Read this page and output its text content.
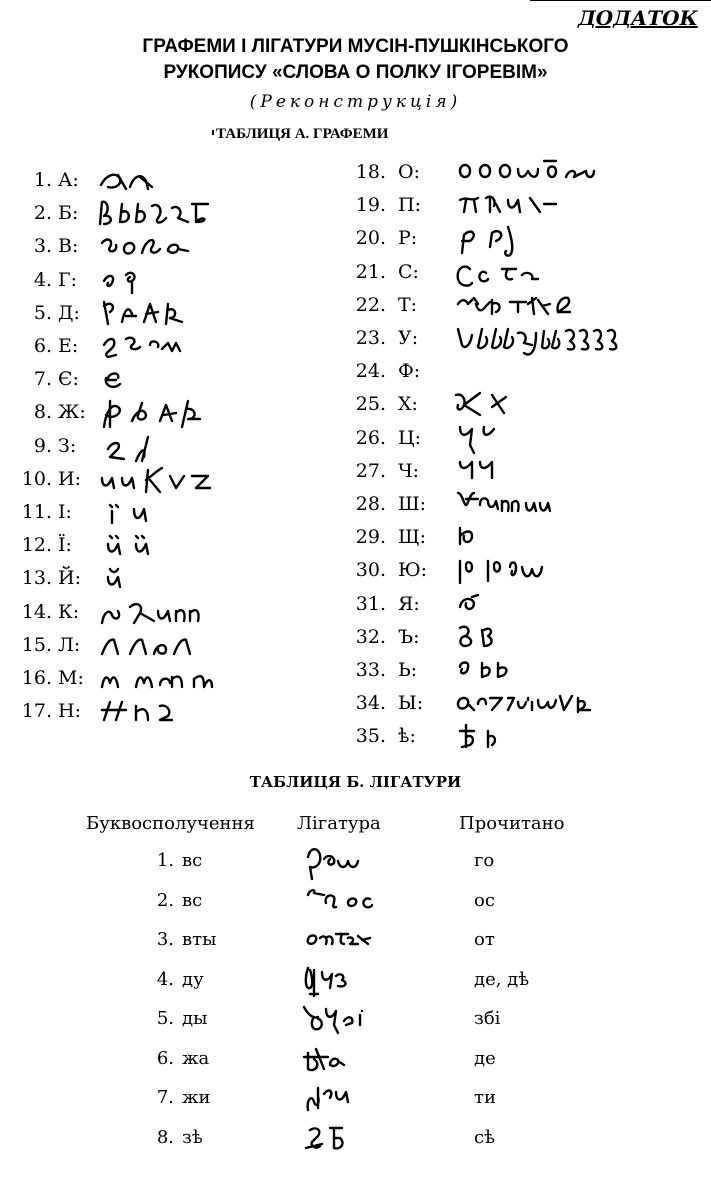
ДОДАТОК
ГРАФЕМИ І ЛІГАТУРИ МУСІН-ПУШКІНСЬКОГО
РУКОПИСУ «СЛОВА О ПОЛКУ ІГОРЕВІМ»
(Реконструкція)
ТАБЛИЦЯ А. ГРАФЕМИ
1. А:
2. Б:
3. В:
4. Г:
5. Д:
6. Е:
7. Є:
8. Ж:
9. З:
10. И:
11. І:
12. Ї:
13. Й:
14. К:
15. Л:
16. М:
17. Н:
18. О:
19. П:
20. Р:
21. С:
22. Т:
23. У:
24. Ф:
25. Х:
26. Ц:
27. Ч:
28. Ш:
29. Щ:
30. Ю:
31. Я:
32. Ъ:
33. Ь:
34. Ы:
35. ѣ:
ТАБЛИЦЯ Б. ЛІГАТУРИ
Буквосполучення Лігатура	Прочитано
1. вс	го
2. вс	ос
3. вты	от
4. ду	де, дѣ
5. ды	збі
6. жа	де
7. жи	ти
8. зѣ	сѣ
